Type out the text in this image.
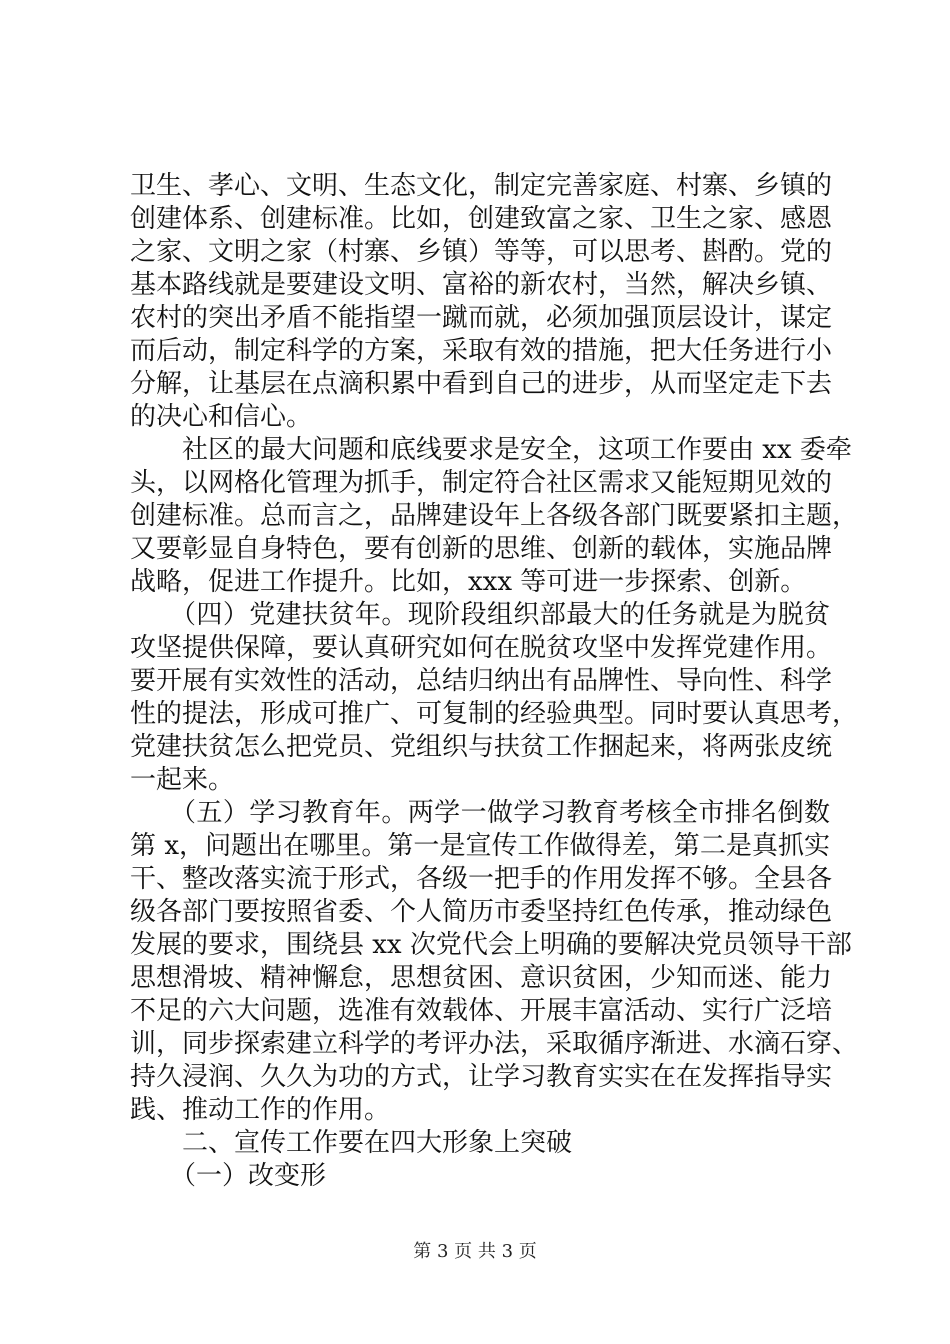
卫生、孝心、文明、生态文化，制定完善家庭、村寨、乡镇的
创建体系、创建标准。比如，创建致富之家、卫生之家、感恩
之家、文明之家（村寨、乡镇）等等，可以思考、斟酌。党的
基本路线就是要建设文明、富裕的新农村，当然，解决乡镇、
农村的突出矛盾不能指望一蹴而就，必须加强顶层设计，谋定
而后动，制定科学的方案，采取有效的措施，把大任务进行小
分解，让基层在点滴积累中看到自己的进步，从而坚定走下去
的决心和信心。
社区的最大问题和底线要求是安全，这项工作要由 xx 委牵
头，以网格化管理为抓手，制定符合社区需求又能短期见效的
创建标准。总而言之，品牌建设年上各级各部门既要紧扣主题，
又要彰显自身特色，要有创新的思维、创新的载体，实施品牌
战略，促进工作提升。比如，xxx 等可进一步探索、创新。
（四）党建扶贫年。现阶段组织部最大的任务就是为脱贫
攻坚提供保障，要认真研究如何在脱贫攻坚中发挥党建作用。
要开展有实效性的活动，总结归纳出有品牌性、导向性、科学
性的提法，形成可推广、可复制的经验典型。同时要认真思考，
党建扶贫怎么把党员、党组织与扶贫工作捆起来，将两张皮统
一起来。
（五）学习教育年。两学一做学习教育考核全市排名倒数
第 x，问题出在哪里。第一是宣传工作做得差，第二是真抓实
干、整改落实流于形式，各级一把手的作用发挥不够。全县各
级各部门要按照省委、个人简历市委坚持红色传承，推动绿色
发展的要求，围绕县 xx 次党代会上明确的要解决党员领导干部
思想滑坡、精神懈怠，思想贫困、意识贫困，少知而迷、能力
不足的六大问题，选准有效载体、开展丰富活动、实行广泛培
训，同步探索建立科学的考评办法，采取循序渐进、水滴石穿、
持久浸润、久久为功的方式，让学习教育实实在在发挥指导实
践、推动工作的作用。
二、宣传工作要在四大形象上突破
（一）改变形
第 3 页 共 3 页
